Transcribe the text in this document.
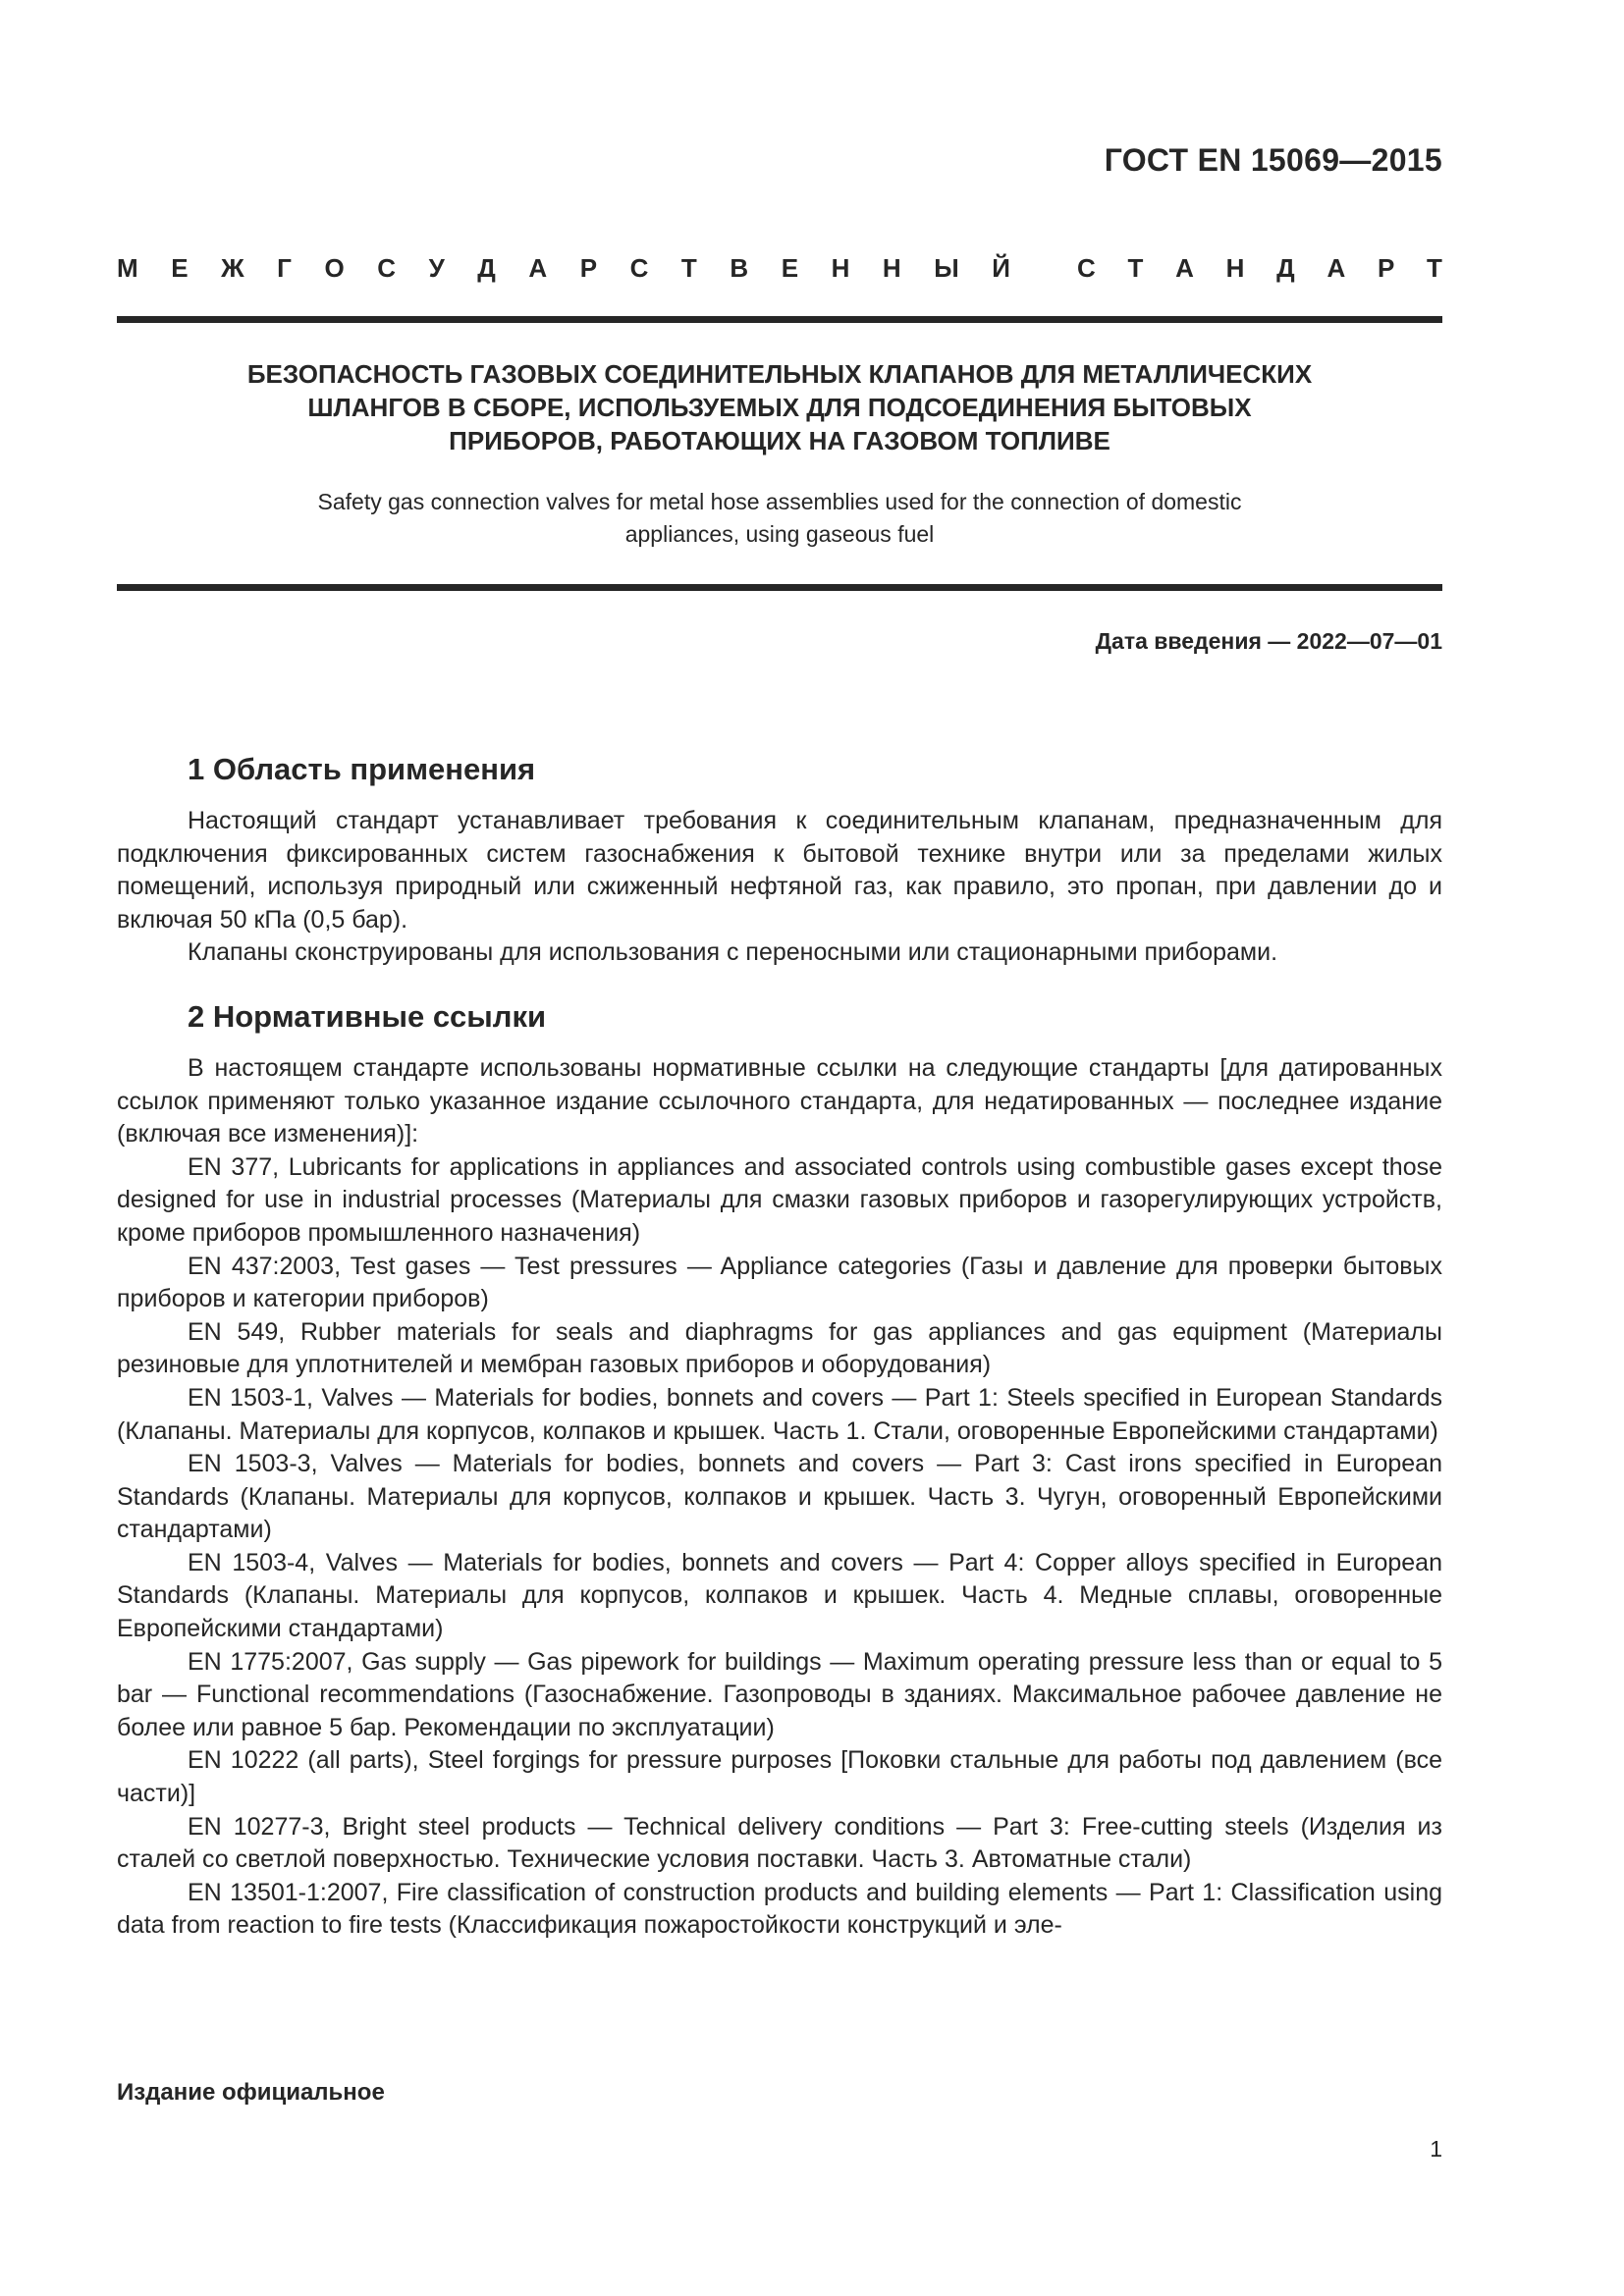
ГОСТ EN 15069—2015
М Е Ж Г О С У Д А Р С Т В Е Н Н Ы Й	С Т А Н Д А Р Т
БЕЗОПАСНОСТЬ ГАЗОВЫХ СОЕДИНИТЕЛЬНЫХ КЛАПАНОВ ДЛЯ МЕТАЛЛИЧЕСКИХ
ШЛАНГОВ В СБОРЕ, ИСПОЛЬЗУЕМЫХ ДЛЯ ПОДСОЕДИНЕНИЯ БЫТОВЫХ
ПРИБОРОВ, РАБОТАЮЩИХ НА ГАЗОВОМ ТОПЛИВЕ
Safety gas connection valves for metal hose assemblies used for the connection of domestic
appliances, using gaseous fuel
Дата введения — 2022—07—01
1 Область применения

Настоящий стандарт устанавливает требования к соединительным клапанам, предназначенным для подключения фиксированных систем газоснабжения к бытовой технике внутри или за пределами жилых помещений, используя природный или сжиженный нефтяной газ, как правило, это пропан, при давлении до и включая 50 кПа (0,5 бар).

Клапаны сконструированы для использования с переносными или стационарными приборами.

2 Нормативные ссылки

В настоящем стандарте использованы нормативные ссылки на следующие стандарты [для датированных ссылок применяют только указанное издание ссылочного стандарта, для недатированных — последнее издание (включая все изменения)]:

EN 377, Lubricants for applications in appliances and associated controls using combustible gases except those designed for use in industrial processes (Материалы для смазки газовых приборов и газорегулирующих устройств, кроме приборов промышленного назначения)

EN 437:2003, Test gases — Test pressures — Appliance categories (Газы и давление для проверки бытовых приборов и категории приборов)

EN 549, Rubber materials for seals and diaphragms for gas appliances and gas equipment (Материалы резиновые для уплотнителей и мембран газовых приборов и оборудования)

EN 1503-1, Valves — Materials for bodies, bonnets and covers — Part 1: Steels specified in European Standards (Клапаны. Материалы для корпусов, колпаков и крышек. Часть 1. Стали, оговоренные Европейскими стандартами)

EN 1503-3, Valves — Materials for bodies, bonnets and covers — Part 3: Cast irons specified in European Standards (Клапаны. Материалы для корпусов, колпаков и крышек. Часть 3. Чугун, оговоренный Европейскими стандартами)

EN 1503-4, Valves — Materials for bodies, bonnets and covers — Part 4: Copper alloys specified in European Standards (Клапаны. Материалы для корпусов, колпаков и крышек. Часть 4. Медные сплавы, оговоренные Европейскими стандартами)

EN 1775:2007, Gas supply — Gas pipework for buildings — Maximum operating pressure less than or equal to 5 bar — Functional recommendations (Газоснабжение. Газопроводы в зданиях. Максимальное рабочее давление не более или равное 5 бар. Рекомендации по эксплуатации)

EN 10222 (all parts), Steel forgings for pressure purposes [Поковки стальные для работы под давлением (все части)]

EN 10277-3, Bright steel products — Technical delivery conditions — Part 3: Free-cutting steels (Изделия из сталей со светлой поверхностью. Технические условия поставки. Часть 3. Автоматные стали)

EN 13501-1:2007, Fire classification of construction products and building elements — Part 1: Classification using data from reaction to fire tests (Классификация пожаростойкости конструкций и эле-

Издание официальное
1
